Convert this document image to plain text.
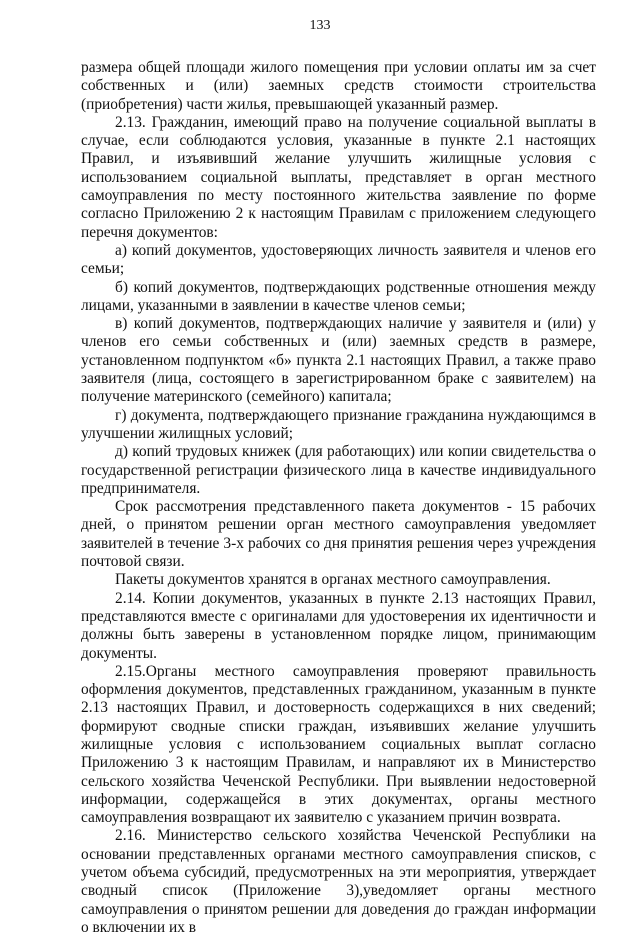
133

размера общей площади жилого помещения при условии оплаты им за счет собственных и (или) заемных средств стоимости строительства (приобретения) части жилья, превышающей указанный размер.

2.13. Гражданин, имеющий право на получение социальной выплаты в случае, если соблюдаются условия, указанные в пункте 2.1 настоящих Правил, и изъявивший желание улучшить жилищные условия с использованием социальной выплаты, представляет в орган местного самоуправления по месту постоянного жительства заявление по форме согласно Приложению 2 к настоящим Правилам с приложением следующего перечня документов:

а) копий документов, удостоверяющих личность заявителя и членов его семьи;

б) копий документов, подтверждающих родственные отношения между лицами, указанными в заявлении в качестве членов семьи;

в) копий документов, подтверждающих наличие у заявителя и (или) у членов его семьи собственных и (или) заемных средств в размере, установленном подпунктом «б» пункта 2.1 настоящих Правил, а также право заявителя (лица, состоящего в зарегистрированном браке с заявителем) на получение материнского (семейного) капитала;

г) документа, подтверждающего признание гражданина нуждающимся в улучшении жилищных условий;

д) копий трудовых книжек (для работающих) или копии свидетельства о государственной регистрации физического лица в качестве индивидуального предпринимателя.

Срок рассмотрения представленного пакета документов - 15 рабочих дней, о принятом решении орган местного самоуправления уведомляет заявителей в течение 3-х рабочих со дня принятия решения через учреждения почтовой связи.

Пакеты документов хранятся в органах местного самоуправления.

2.14. Копии документов, указанных в пункте 2.13 настоящих Правил, представляются вместе с оригиналами для удостоверения их идентичности и должны быть заверены в установленном порядке лицом, принимающим документы.

2.15.Органы местного самоуправления проверяют правильность оформления документов, представленных гражданином, указанным в пункте 2.13 настоящих Правил, и достоверность содержащихся в них сведений; формируют сводные списки граждан, изъявивших желание улучшить жилищные условия с использованием социальных выплат согласно Приложению 3 к настоящим Правилам, и направляют их в Министерство сельского хозяйства Чеченской Республики. При выявлении недостоверной информации, содержащейся в этих документах, органы местного самоуправления возвращают их заявителю с указанием причин возврата.

2.16. Министерство сельского хозяйства Чеченской Республики на основании представленных органами местного самоуправления списков, с учетом объема субсидий, предусмотренных на эти мероприятия, утверждает сводный список (Приложение 3),уведомляет органы местного самоуправления о принятом решении для доведения до граждан информации о включении их в
